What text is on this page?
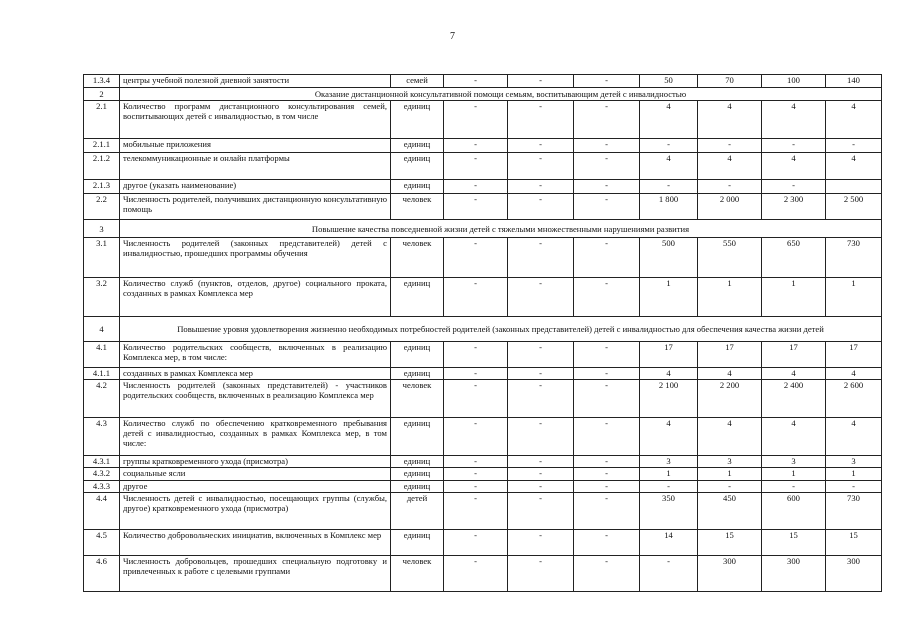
7
1.3.4	центры учебной полезной дневной занятости	семей	-	-	-	50	70	100	140
2	Оказание дистанционной консультативной помощи семьям, воспитывающим детей с инвалидностью								
2.1	Количество программ дистанционного консультирования семей, воспитывающих детей с инвалидностью, в том числе	единиц	-	-	-	4	4	4	4
2.1.1	мобильные приложения	единиц	-	-	-	-	-	-	-
2.1.2	телекоммуникационные и онлайн платформы	единиц	-	-	-	4	4	4	4
2.1.3	другое (указать наименование)	единиц	-	-	-	-	-	-	
2.2	Численность родителей, получивших дистанционную консультативную помощь	человек	-	-	-	1 800	2 000	2 300	2 500
3	Повышение качества повседневной жизни детей с тяжелыми множественными нарушениями развития								
3.1	Численность родителей (законных представителей) детей с инвалидностью, прошедших программы обучения	человек	-	-	-	500	550	650	730
3.2	Количество служб (пунктов, отделов, другое) социального проката, созданных в рамках Комплекса мер	единиц	-	-	-	1	1	1	1
4	Повышение уровня удовлетворения жизненно необходимых потребностей родителей (законных представителей) детей с инвалидностью для обеспечения качества жизни детей								
4.1	Количество родительских сообществ, включенных в реализацию Комплекса мер, в том числе:	единиц	-	-	-	17	17	17	17
4.1.1	созданных в рамках Комплекса мер	единиц	-	-	-	4	4	4	4
4.2	Численность родителей (законных представителей) - участников родительских сообществ, включенных в реализацию Комплекса мер	человек	-	-	-	2 100	2 200	2 400	2 600
4.3	Количество служб по обеспечению кратковременного пребывания детей с инвалидностью, созданных в рамках Комплекса мер, в том числе:	единиц	-	-	-	4	4	4	4
4.3.1	группы кратковременного ухода (присмотра)	единиц	-	-	-	3	3	3	3
4.3.2	социальные ясли	единиц	-	-	-	1	1	1	1
4.3.3	другое	единиц	-	-	-	-	-	-	-
4.4	Численность детей с инвалидностью, посещающих группы (службы, другое) кратковременного ухода (присмотра)	детей	-	-	-	350	450	600	730
4.5	Количество добровольческих инициатив, включенных в Комплекс мер	единиц	-	-	-	14	15	15	15
4.6	Численность добровольцев, прошедших специальную подготовку и привлеченных к работе с целевыми группами	человек	-	-	-	-	300	300	300
